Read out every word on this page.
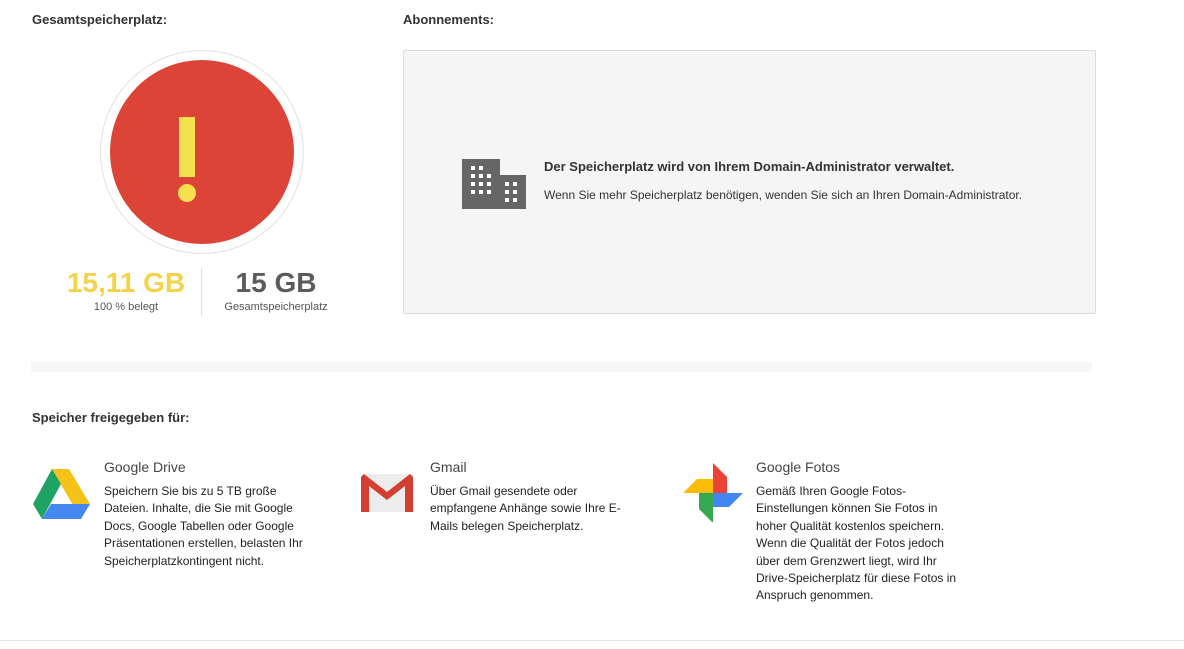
Gesamtspeicherplatz:	Abonnements:
15,11 GB
100 % belegt
15 GB
Gesamtspeicherplatz
Der Speicherplatz wird von Ihrem Domain-Administrator verwaltet.
Wenn Sie mehr Speicherplatz benötigen, wenden Sie sich an Ihren Domain-Administrator.
Speicher freigegeben für:
Google Drive
Speichern Sie bis zu 5 TB große Dateien. Inhalte, die Sie mit Google Docs, Google Tabellen oder Google Präsentationen erstellen, belasten Ihr Speicherplatzkontingent nicht.
Gmail
Über Gmail gesendete oder empfangene Anhänge sowie Ihre E-Mails belegen Speicherplatz.
Google Fotos
Gemäß Ihren Google Fotos-Einstellungen können Sie Fotos in hoher Qualität kostenlos speichern. Wenn die Qualität der Fotos jedoch über dem Grenzwert liegt, wird Ihr Drive-Speicherplatz für diese Fotos in Anspruch genommen.
